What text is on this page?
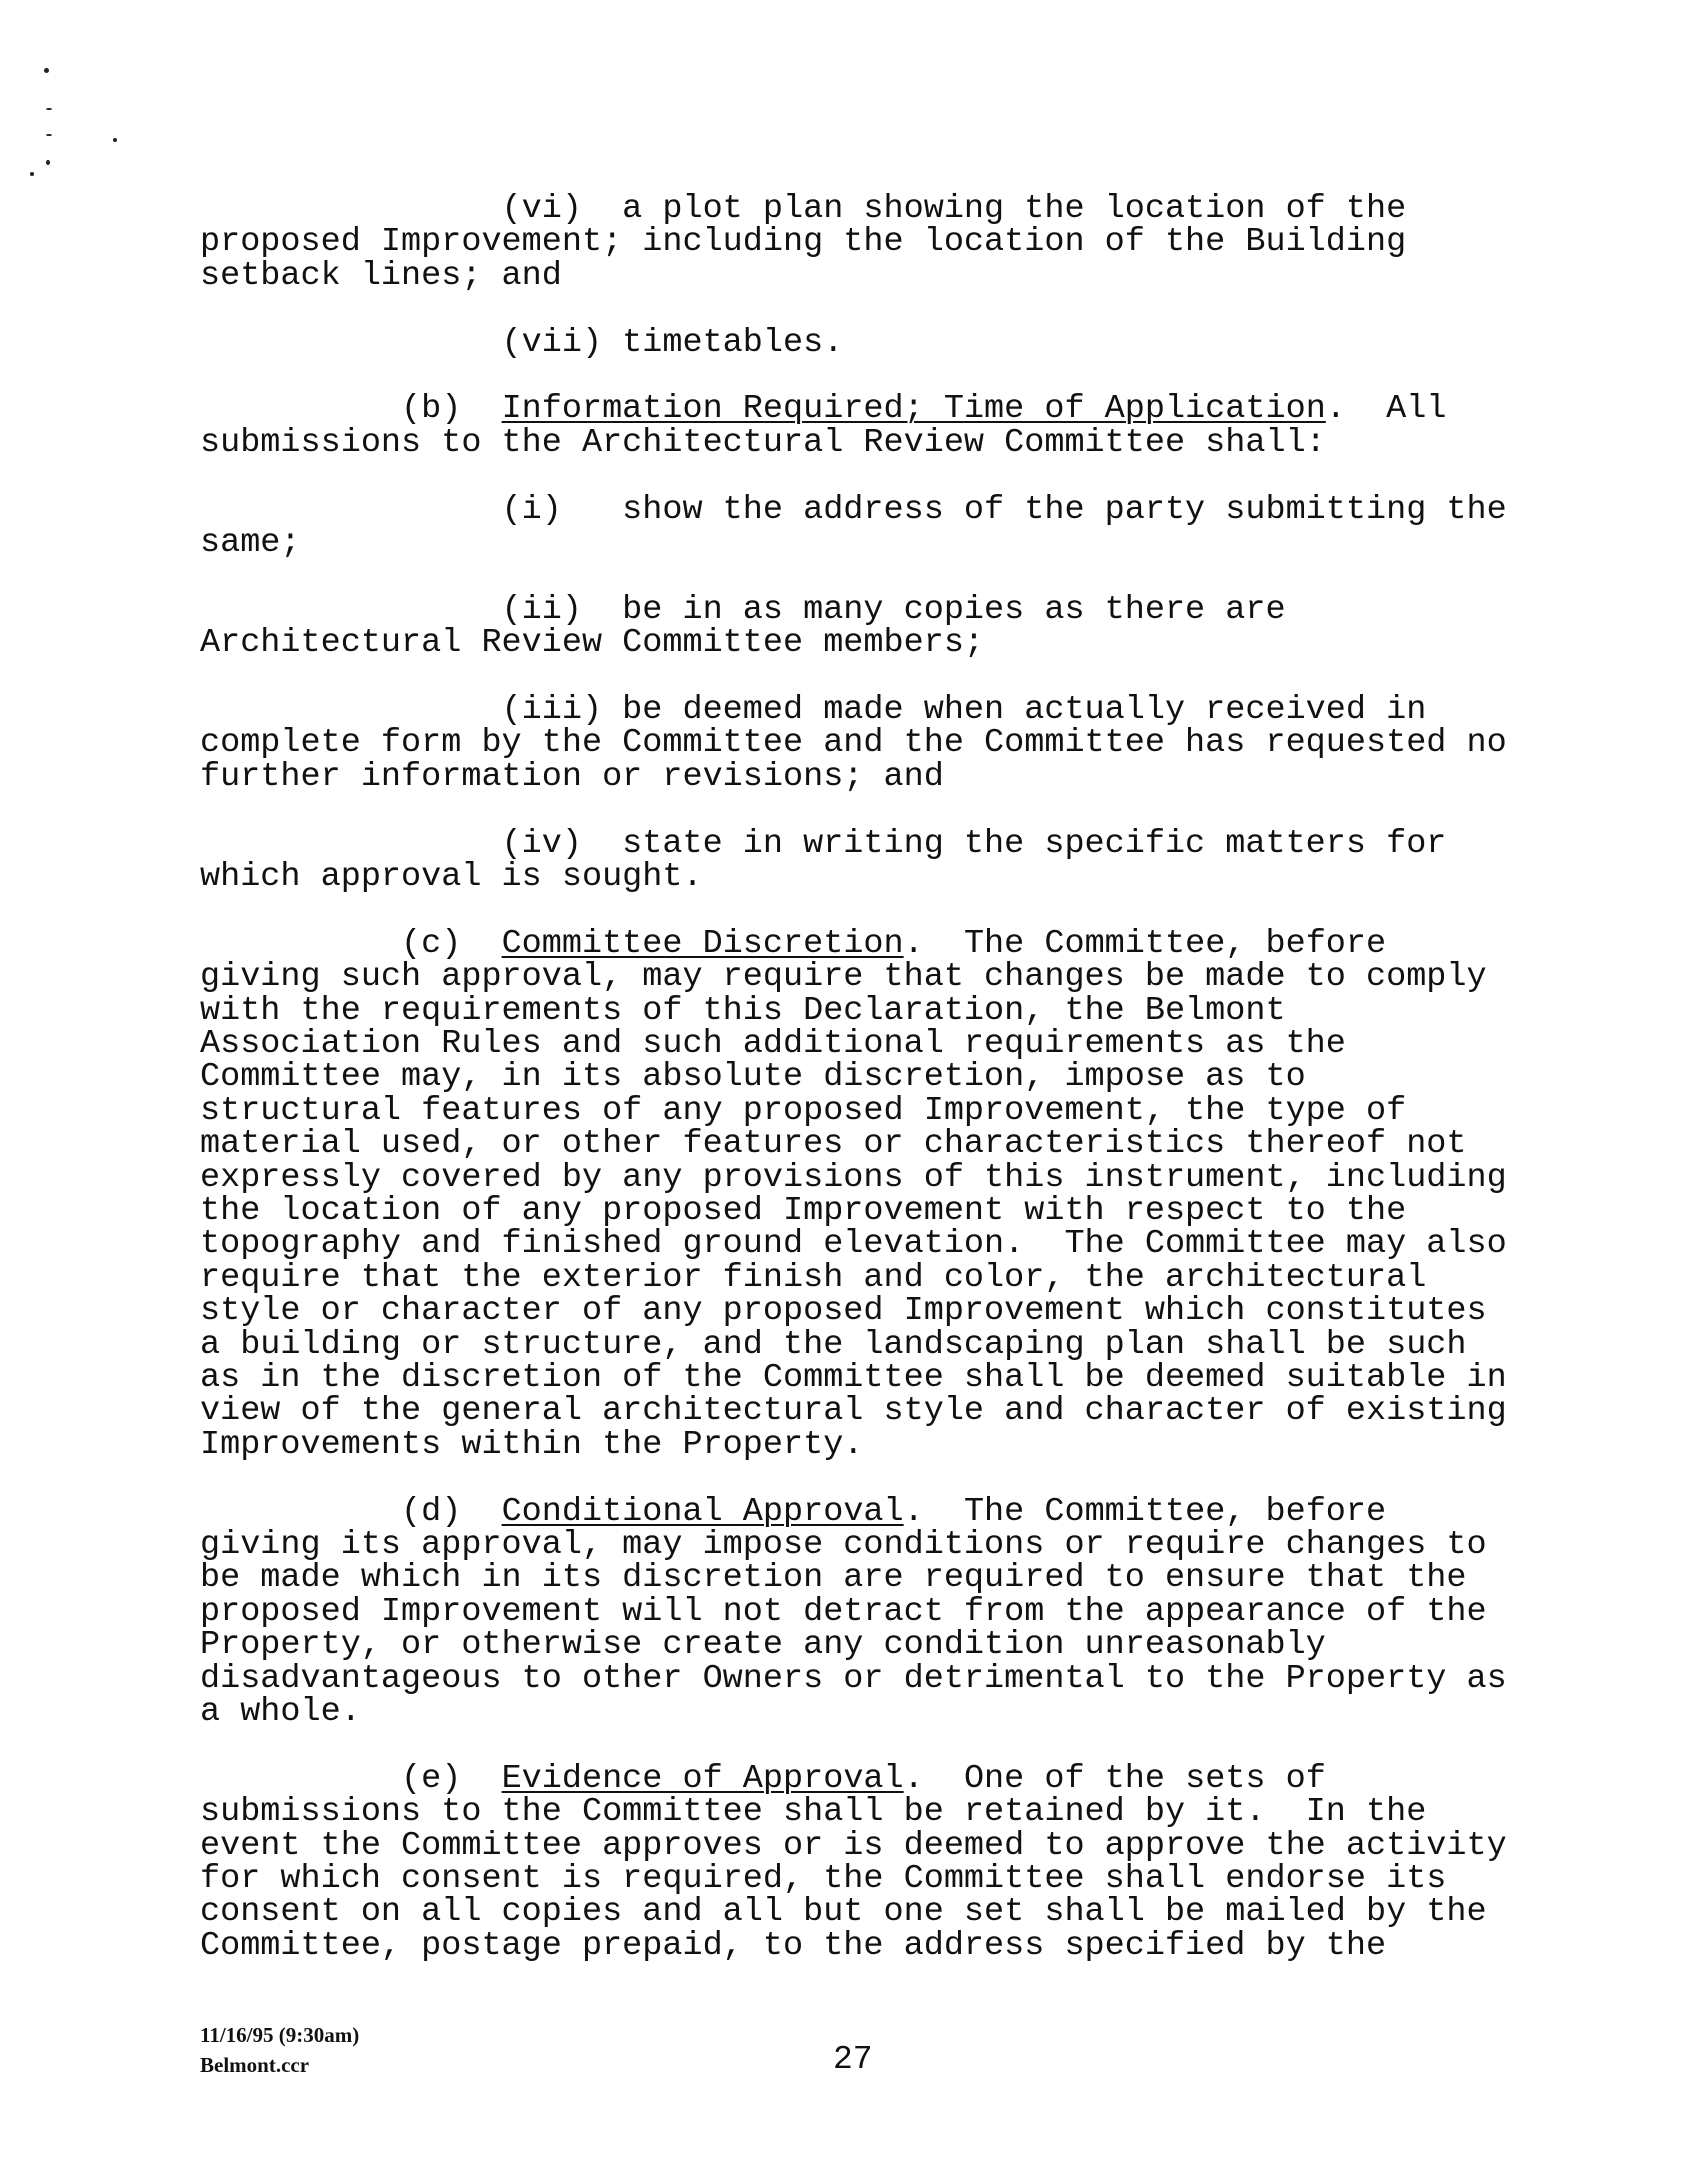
(vi)  a plot plan showing the location of the
proposed Improvement; including the location of the Building
setback lines; and
(vii) timetables.
(b)  Information Required; Time of Application.  All
submissions to the Architectural Review Committee shall:
(i)   show the address of the party submitting the
same;
(ii)  be in as many copies as there are
Architectural Review Committee members;
(iii) be deemed made when actually received in
complete form by the Committee and the Committee has requested no
further information or revisions; and
(iv)  state in writing the specific matters for
which approval is sought.
(c)  Committee Discretion.  The Committee, before
giving such approval, may require that changes be made to comply
with the requirements of this Declaration, the Belmont
Association Rules and such additional requirements as the
Committee may, in its absolute discretion, impose as to
structural features of any proposed Improvement, the type of
material used, or other features or characteristics thereof not
expressly covered by any provisions of this instrument, including
the location of any proposed Improvement with respect to the
topography and finished ground elevation.  The Committee may also
require that the exterior finish and color, the architectural
style or character of any proposed Improvement which constitutes
a building or structure, and the landscaping plan shall be such
as in the discretion of the Committee shall be deemed suitable in
view of the general architectural style and character of existing
Improvements within the Property.
(d)  Conditional Approval.  The Committee, before
giving its approval, may impose conditions or require changes to
be made which in its discretion are required to ensure that the
proposed Improvement will not detract from the appearance of the
Property, or otherwise create any condition unreasonably
disadvantageous to other Owners or detrimental to the Property as
a whole.
(e)  Evidence of Approval.  One of the sets of
submissions to the Committee shall be retained by it.  In the
event the Committee approves or is deemed to approve the activity
for which consent is required, the Committee shall endorse its
consent on all copies and all but one set shall be mailed by the
Committee, postage prepaid, to the address specified by the
11/16/95 (9:30am)
Belmont.ccr	27
